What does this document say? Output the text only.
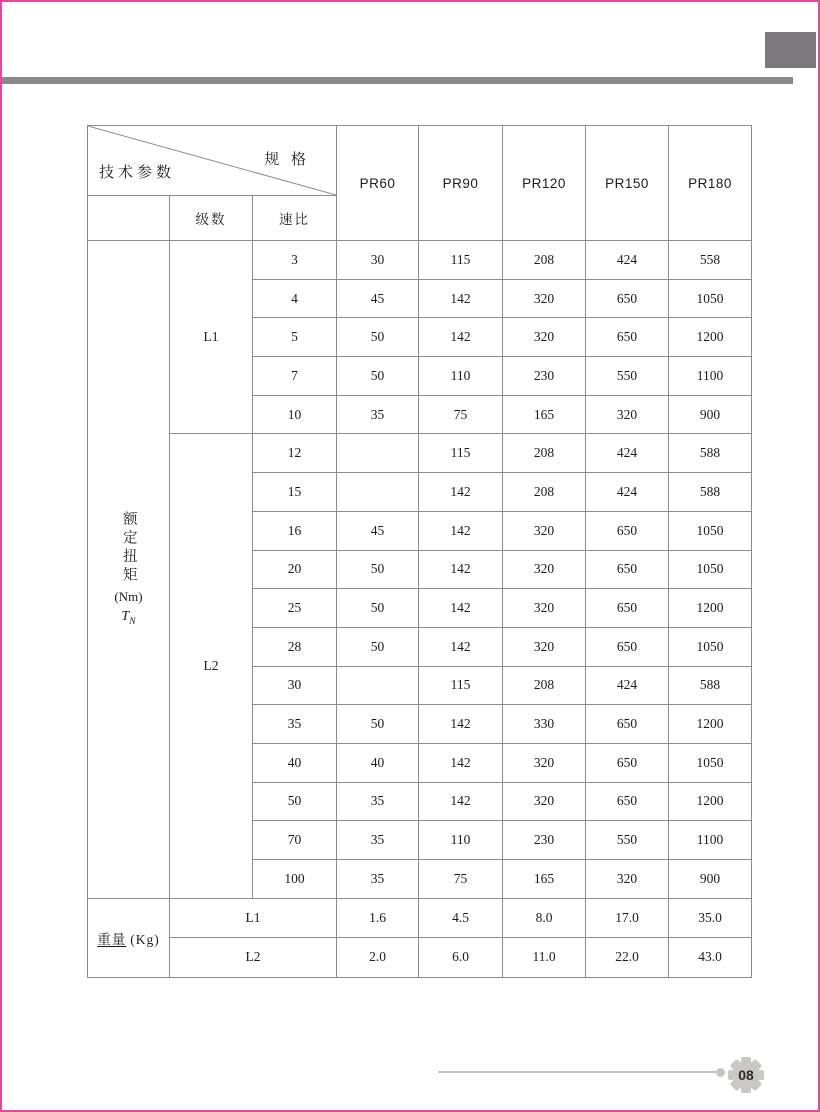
规 格
技术参数			PR60	PR90	PR120	PR150	PR180
	级数	速比					

额定扭矩
(Nm)
$T_N$	L1	3	30	115	208	424	558
		4	45	142	320	650	1050
		5	50	142	320	650	1200
		7	50	110	230	550	1100
		10	35	75	165	320	900
	L2	12		115	208	424	588
		15		142	208	424	588
		16	45	142	320	650	1050
		20	50	142	320	650	1050
		25	50	142	320	650	1200
		28	50	142	320	650	1050
		30		115	208	424	588
		35	50	142	330	650	1200
		40	40	142	320	650	1050
		50	35	142	320	650	1200
		70	35	110	230	550	1100
		100	35	75	165	320	900
重量 (Kg)	L1		1.6	4.5	8.0	17.0	35.0
	L2		2.0	6.0	11.0	22.0	43.0
08
